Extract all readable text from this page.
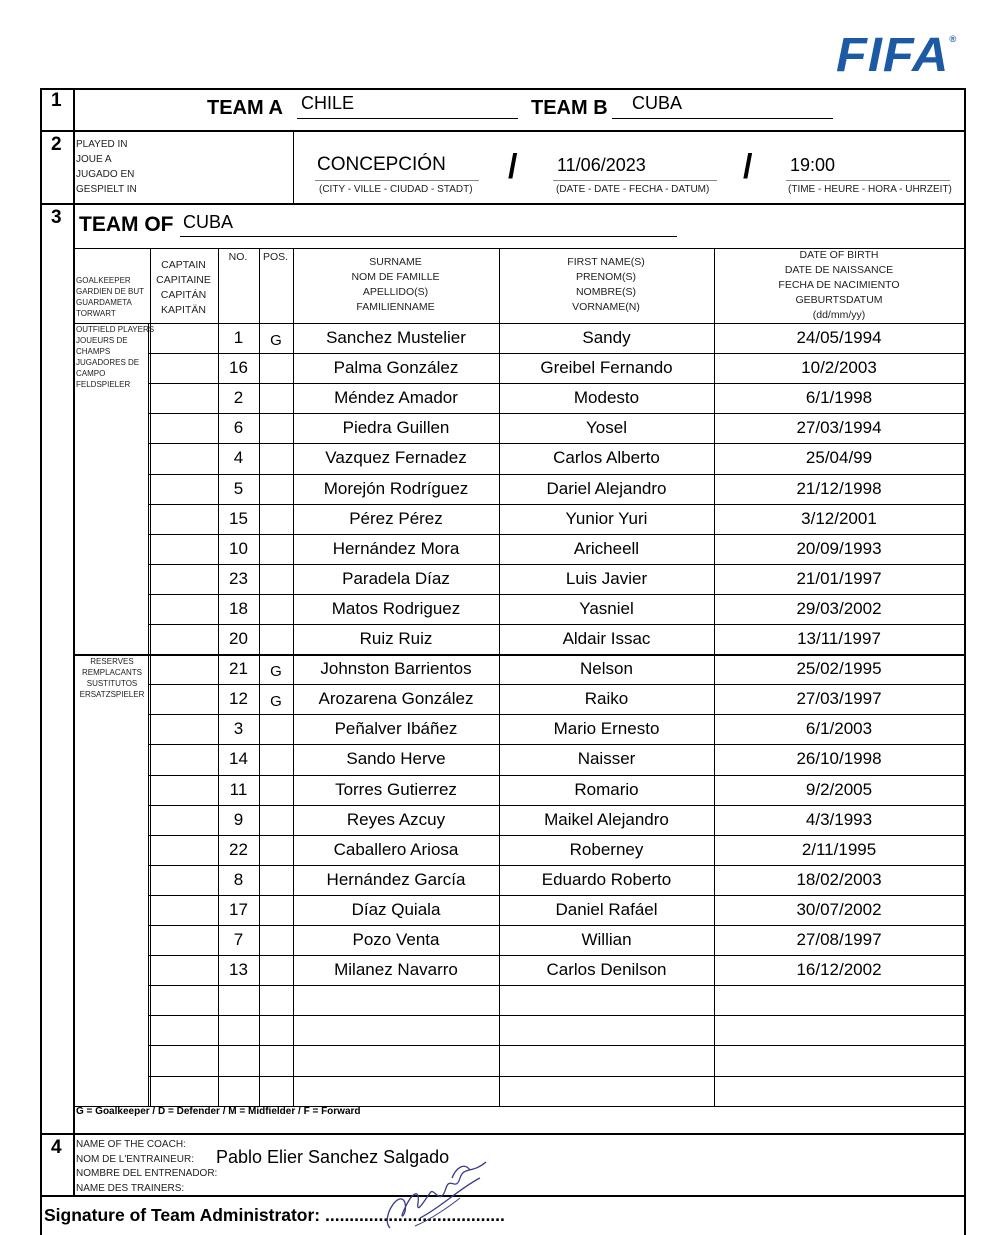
FIFA®
1
2
3
4
TEAM A CHILE	TEAM B CUBA
PLAYED IN
JOUE A
JUGADO EN
GESPIELT IN
CONCEPCIÓN
(CITY - VILLE - CIUDAD - STADT)
/ 11/06/2023
(DATE - DATE - FECHA - DATUM)
/ 19:00
(TIME - HEURE - HORA - UHRZEIT)
TEAM OF CUBA
GOALKEEPER
GARDIEN DE BUT
GUARDAMETA
TORWART
OUTFIELD PLAYERS
JOUEURS DE
CHAMPS
JUGADORES DE
CAMPO
FELDSPIELER
RESERVES
REMPLACANTS
SUSTITUTOS
ERSATZSPIELER
CAPTAIN
CAPITAINE
CAPITÁN
KAPITÄN
NO.	POS.	SURNAME
NOM DE FAMILLE
APELLIDO(S)
FAMILIENNAME
FIRST NAME(S)
PRENOM(S)
NOMBRE(S)
VORNAME(N)
DATE OF BIRTH
DATE DE NAISSANCE
FECHA DE NACIMIENTO
GEBURTSDATUM
(dd/mm/yy)
1	G	Sanchez Mustelier	Sandy	24/05/1994
16	Palma González	Greibel Fernando	10/2/2003
2	Méndez Amador	Modesto	6/1/1998
6	Piedra Guillen	Yosel	27/03/1994
4	Vazquez Fernadez	Carlos Alberto	25/04/99
5	Morejón Rodríguez	Dariel Alejandro	21/12/1998
15	Pérez Pérez	Yunior Yuri	3/12/2001
10	Hernández Mora	Aricheell	20/09/1993
23	Paradela Díaz	Luis Javier	21/01/1997
18	Matos Rodriguez	Yasniel	29/03/2002
20	Ruiz Ruiz	Aldair Issac	13/11/1997
21	G	Johnston Barrientos	Nelson	25/02/1995
12	G	Arozarena González	Raiko	27/03/1997
3	Peñalver Ibáñez	Mario Ernesto	6/1/2003
14	Sando Herve	Naisser	26/10/1998
11	Torres Gutierrez	Romario	9/2/2005
9	Reyes Azcuy	Maikel Alejandro	4/3/1993
22	Caballero Ariosa	Roberney	2/11/1995
8	Hernández García	Eduardo Roberto	18/02/2003
17	Díaz Quiala	Daniel Rafáel	30/07/2002
7	Pozo Venta	Willian	27/08/1997
13	Milanez Navarro	Carlos Denilson	16/12/2002
G = Goalkeeper / D = Defender / M = Midfielder / F = Forward
NAME OF THE COACH:
NOM DE L'ENTRAINEUR:
NOMBRE DEL ENTRENADOR:
NAME DES TRAINERS:
Pablo Elier Sanchez Salgado
Signature of Team Administrator: .....................................
